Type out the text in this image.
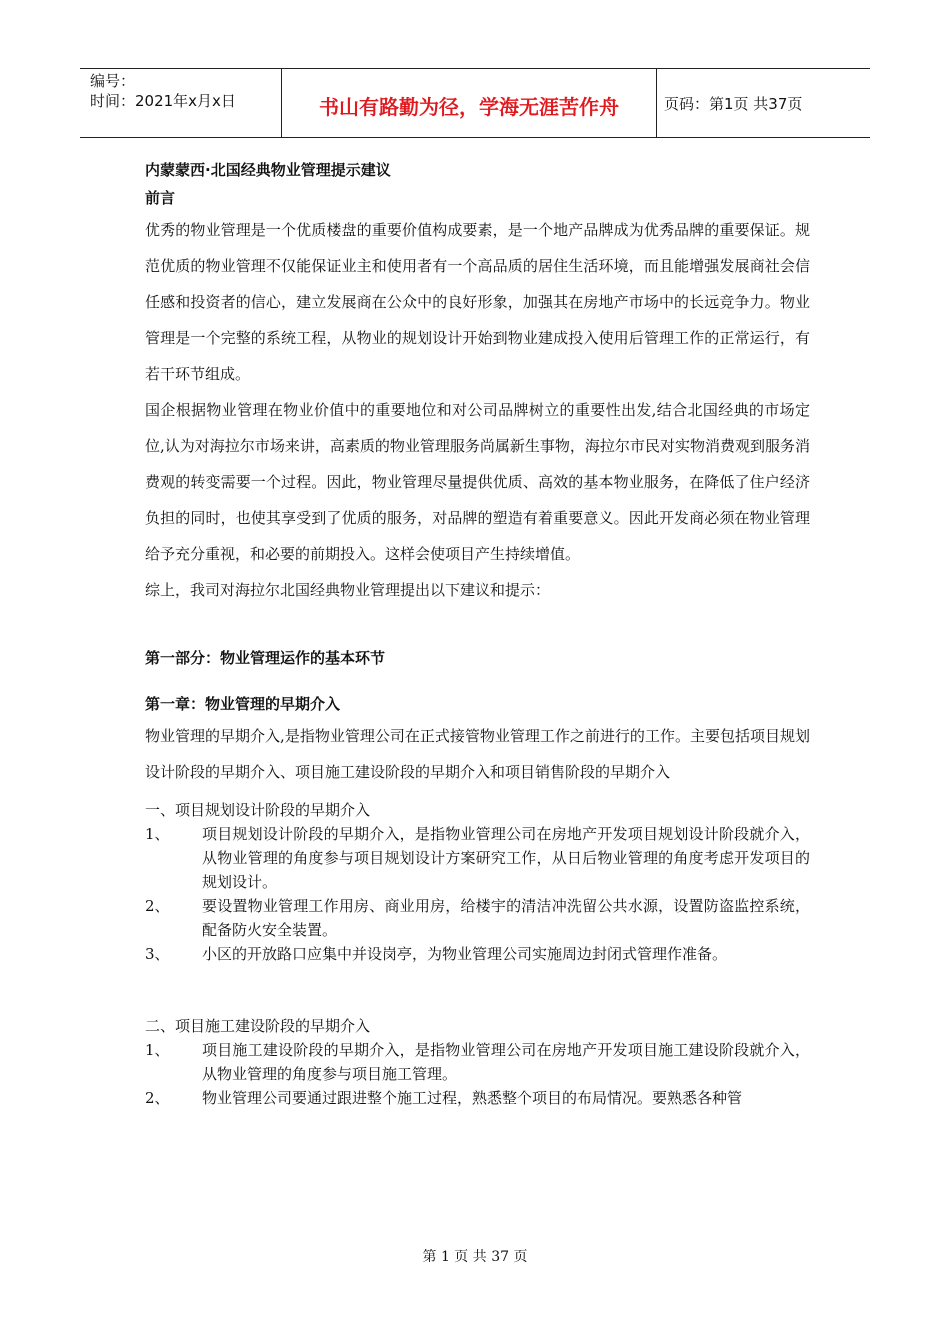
编号：
时间：2021年x月x日	书山有路勤为径，学海无涯苦作舟	页码：第1页 共37页
内蒙蒙西·北国经典物业管理提示建议
前言

优秀的物业管理是一个优质楼盘的重要价值构成要素，是一个地产品牌成为优秀品牌的重要保证。规范优质的物业管理不仅能保证业主和使用者有一个高品质的居住生活环境，而且能增强发展商社会信任感和投资者的信心，建立发展商在公众中的良好形象，加强其在房地产市场中的长远竞争力。物业管理是一个完整的系统工程，从物业的规划设计开始到物业建成投入使用后管理工作的正常运行，有若干环节组成。

国企根据物业管理在物业价值中的重要地位和对公司品牌树立的重要性出发,结合北国经典的市场定位,认为对海拉尔市场来讲，高素质的物业管理服务尚属新生事物，海拉尔市民对实物消费观到服务消费观的转变需要一个过程。因此，物业管理尽量提供优质、高效的基本物业服务，在降低了住户经济负担的同时，也使其享受到了优质的服务，对品牌的塑造有着重要意义。因此开发商必须在物业管理给予充分重视，和必要的前期投入。这样会使项目产生持续增值。

综上，我司对海拉尔北国经典物业管理提出以下建议和提示：

第一部分：物业管理运作的基本环节
第一章：物业管理的早期介入

物业管理的早期介入,是指物业管理公司在正式接管物业管理工作之前进行的工作。主要包括项目规划设计阶段的早期介入、项目施工建设阶段的早期介入和项目销售阶段的早期介入

一、项目规划设计阶段的早期介入

1、 项目规划设计阶段的早期介入，是指物业管理公司在房地产开发项目规划设计阶段就介入，从物业管理的角度参与项目规划设计方案研究工作，从日后物业管理的角度考虑开发项目的规划设计。
2、 要设置物业管理工作用房、商业用房，给楼宇的清洁冲洗留公共水源，设置防盗监控系统，配备防火安全装置。
3、 小区的开放路口应集中并设岗亭，为物业管理公司实施周边封闭式管理作准备。

二、项目施工建设阶段的早期介入

1、 项目施工建设阶段的早期介入，是指物业管理公司在房地产开发项目施工建设阶段就介入，从物业管理的角度参与项目施工管理。
2、 物业管理公司要通过跟进整个施工过程，熟悉整个项目的布局情况。要熟悉各种管
第 1 页 共 37 页
